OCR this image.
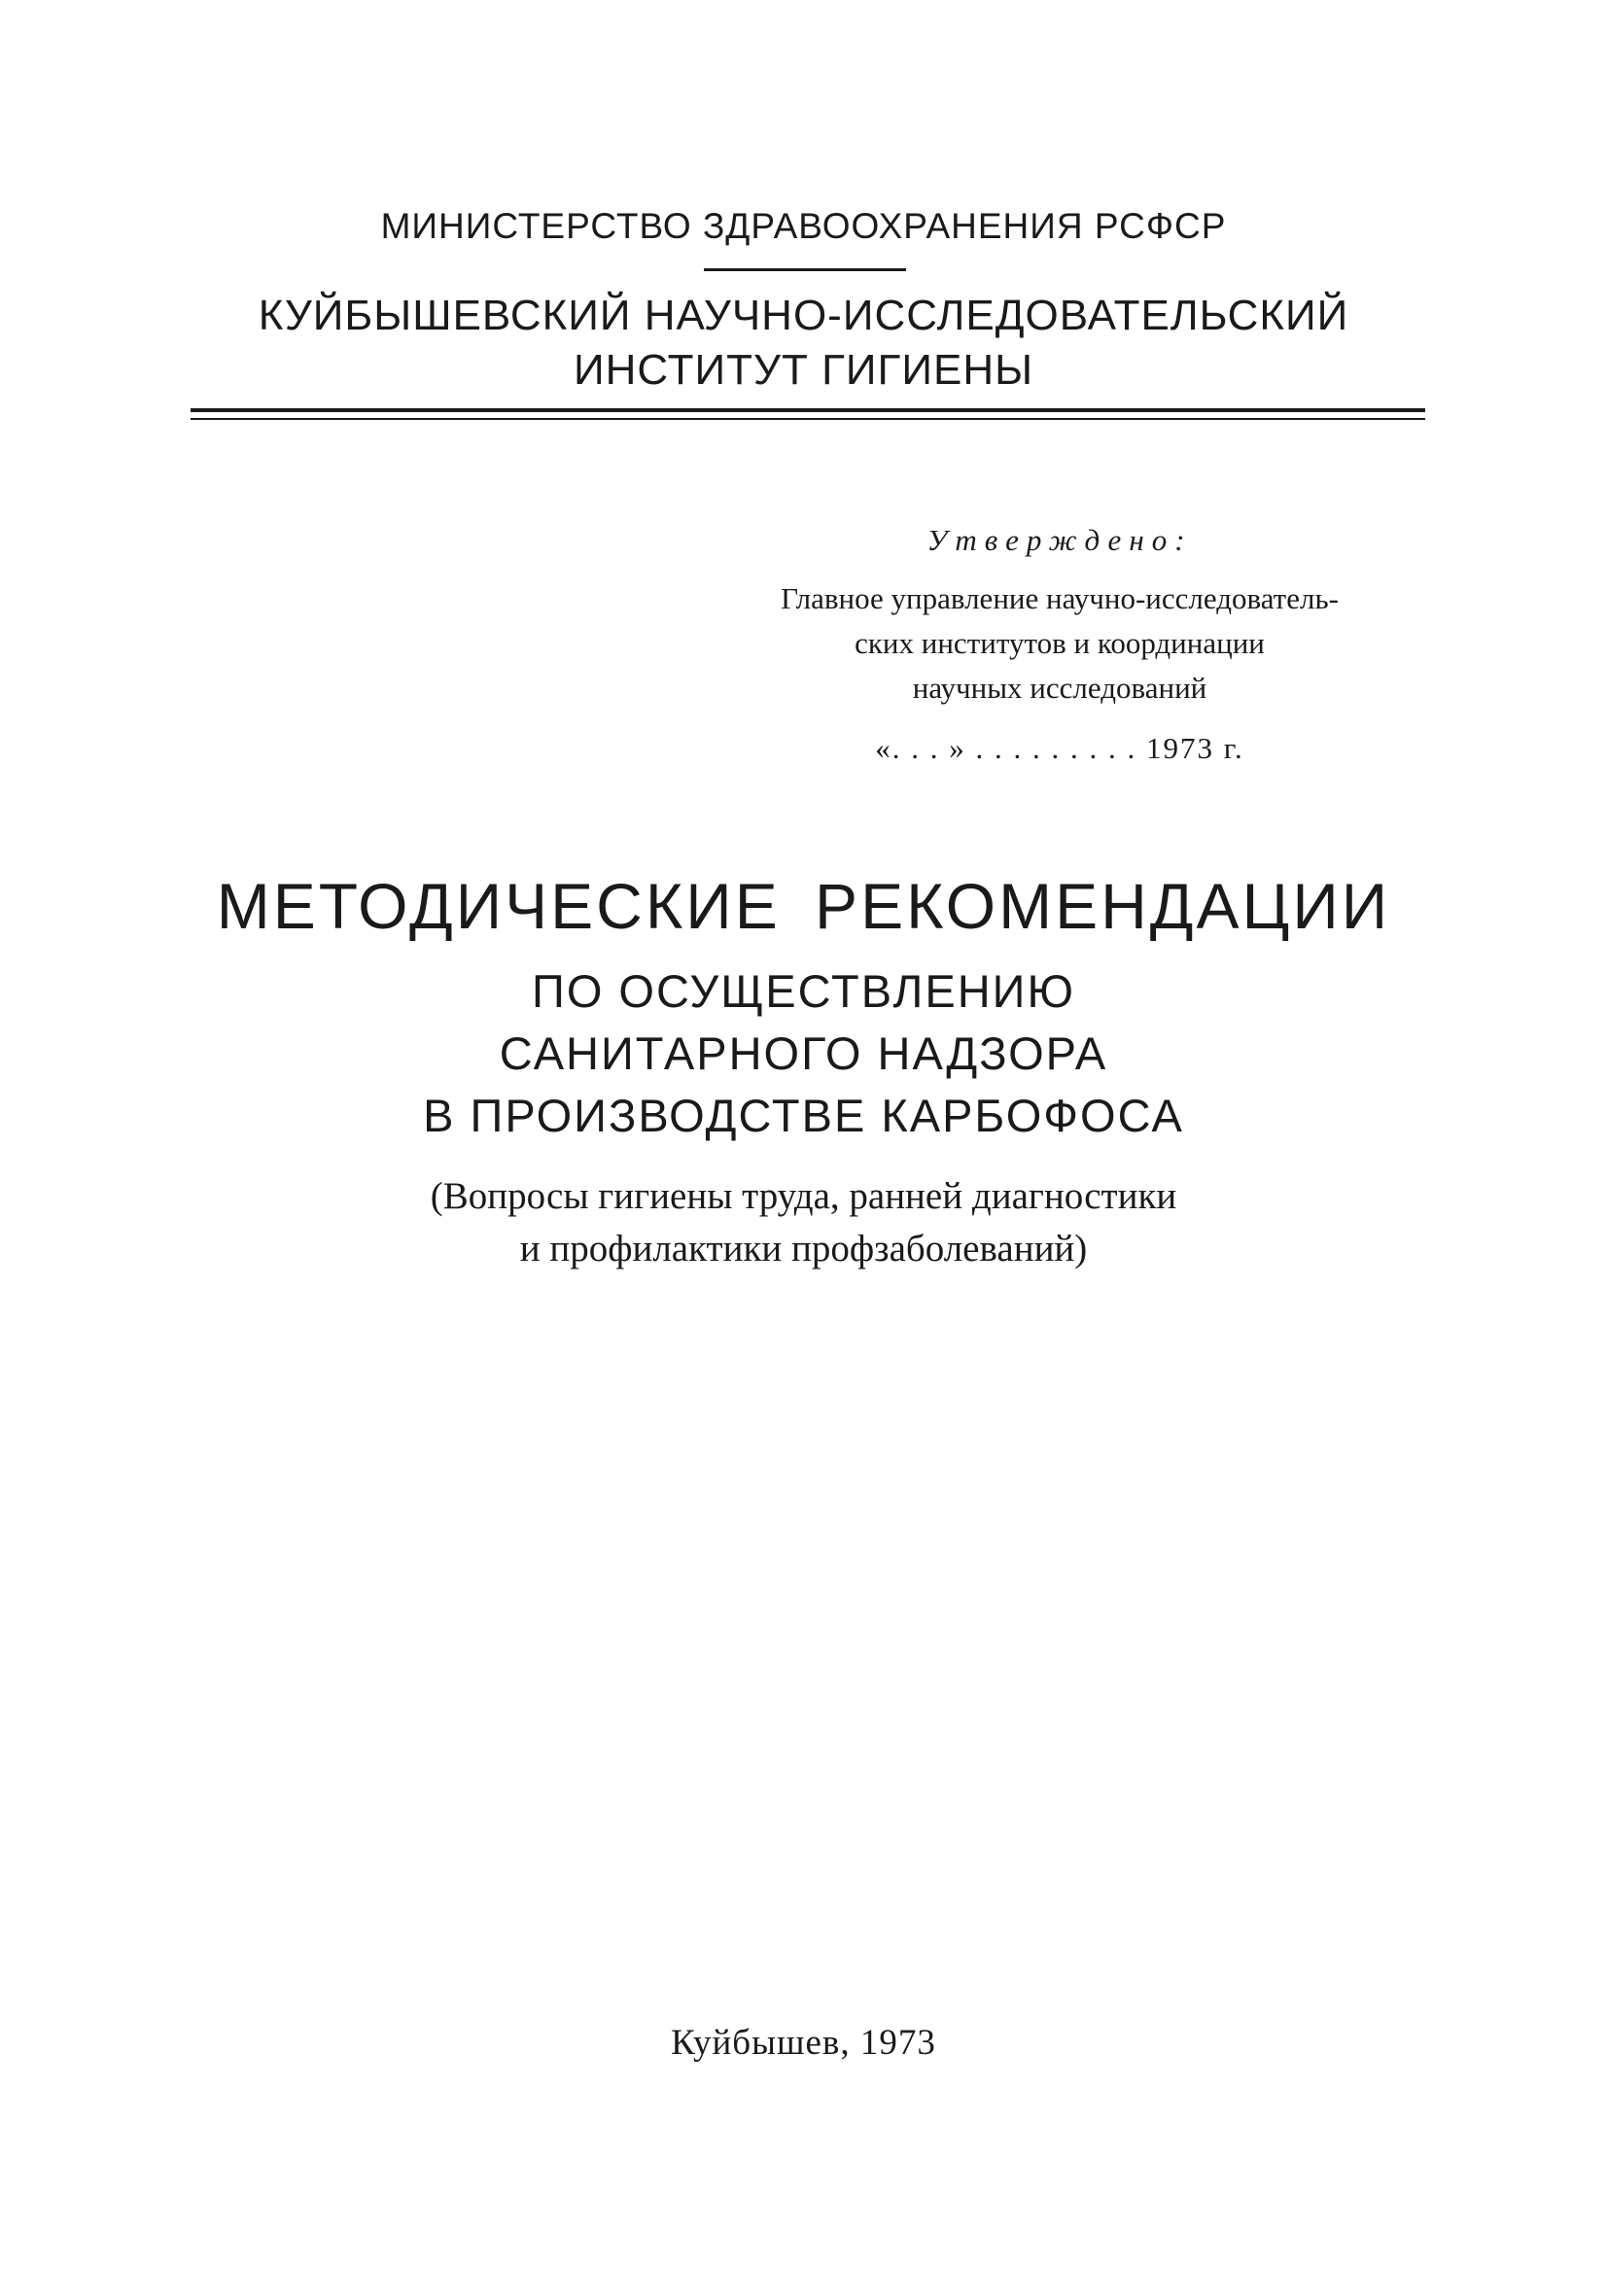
МИНИСТЕРСТВО ЗДРАВООХРАНЕНИЯ РСФСР
КУЙБЫШЕВСКИЙ НАУЧНО-ИССЛЕДОВАТЕЛЬСКИЙ
ИНСТИТУТ ГИГИЕНЫ
Утверждено:
Главное управление научно-исследователь-
ских институтов и координации
научных исследований
«. . . » . . . . . . . . . 1973 г.
МЕТОДИЧЕСКИЕ РЕКОМЕНДАЦИИ
ПО ОСУЩЕСТВЛЕНИЮ
САНИТАРНОГО НАДЗОРА
В ПРОИЗВОДСТВЕ КАРБОФОСА
(Вопросы гигиены труда, ранней диагностики
и профилактики профзаболеваний)
Куйбышев, 1973
